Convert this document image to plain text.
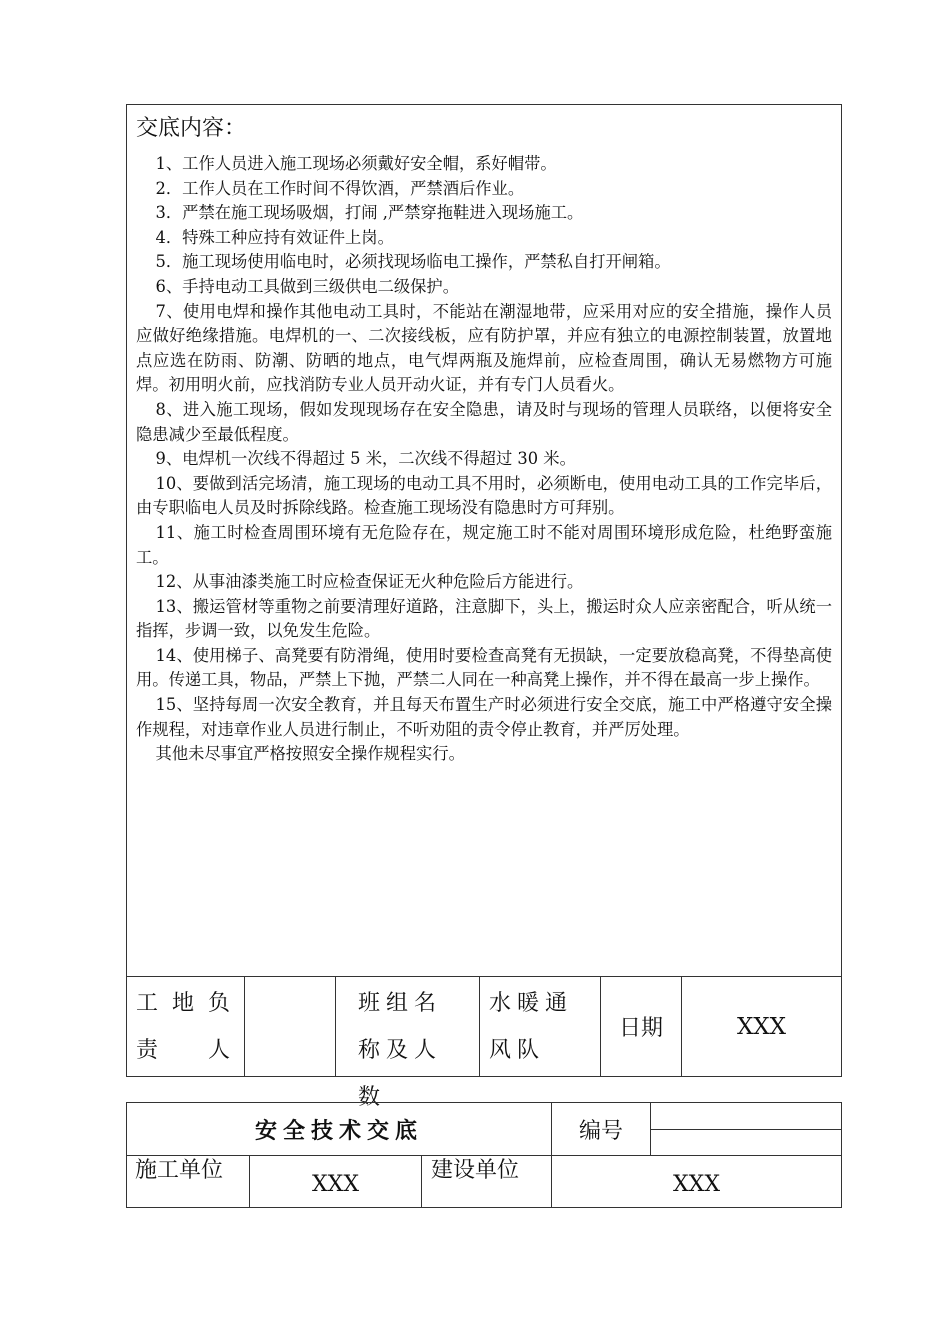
交底内容：
1、工作人员进入施工现场必须戴好安全帽，系好帽带。
2．工作人员在工作时间不得饮酒，严禁酒后作业。
3．严禁在施工现场吸烟，打闹 ,严禁穿拖鞋进入现场施工。
4．特殊工种应持有效证件上岗。
5．施工现场使用临电时，必须找现场临电工操作，严禁私自打开闸箱。
6、手持电动工具做到三级供电二级保护。
7、使用电焊和操作其他电动工具时，不能站在潮湿地带，应采用对应的安全措施，操作人员应做好绝缘措施。电焊机的一、二次接线板，应有防护罩，并应有独立的电源控制装置，放置地点应选在防雨、防潮、防晒的地点，电气焊两瓶及施焊前，应检查周围，确认无易燃物方可施焊。初用明火前，应找消防专业人员开动火证，并有专门人员看火。
8、进入施工现场，假如发现现场存在安全隐患，请及时与现场的管理人员联络，以便将安全隐患减少至最低程度。
9、电焊机一次线不得超过 5 米，二次线不得超过 30 米。
10、要做到活完场清，施工现场的电动工具不用时，必须断电，使用电动工具的工作完毕后，由专职临电人员及时拆除线路。检查施工现场没有隐患时方可拜别。
11、施工时检查周围环境有无危险存在，规定施工时不能对周围环境形成危险，杜绝野蛮施工。
12、从事油漆类施工时应检查保证无火种危险后方能进行。
13、搬运管材等重物之前要清理好道路，注意脚下，头上，搬运时众人应亲密配合，听从统一指挥，步调一致，以免发生危险。
14、使用梯子、高凳要有防滑绳，使用时要检查高凳有无损缺，一定要放稳高凳，不得垫高使用。传递工具，物品，严禁上下抛，严禁二人同在一种高凳上操作，并不得在最高一步上操作。
15、坚持每周一次安全教育，并且每天布置生产时必须进行安全交底，施工中严格遵守安全操作规程，对违章作业人员进行制止，不听劝阻的责令停止教育，并严厉处理。
其他未尽事宜严格按照安全操作规程实行。
工地负责人
班组名称及人数
水暖通风队
日期	XXX
安全技术交底	编号
施工单位
XXX
建设单位
XXX
